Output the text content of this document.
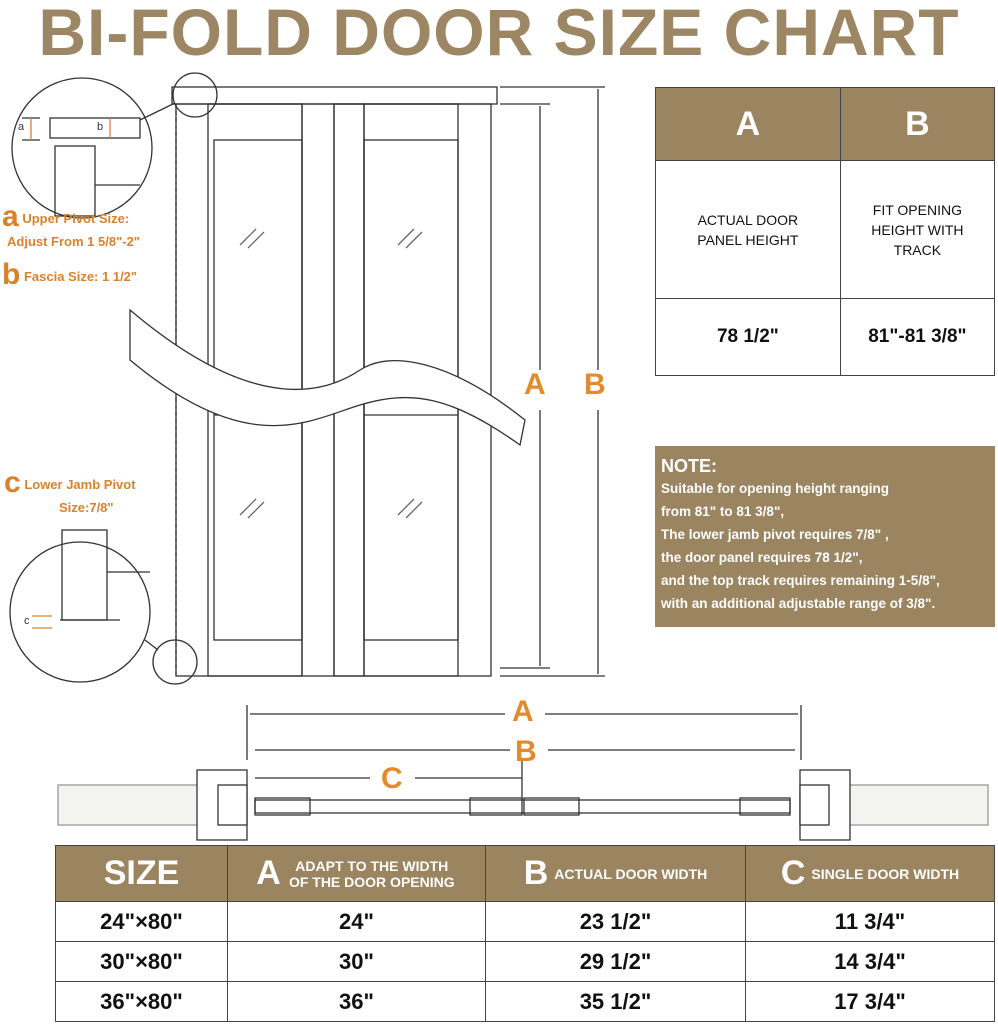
BI-FOLD DOOR SIZE CHART
a Upper Pivot Size:
Adjust From 1 5/8"-2"
b Fascia Size: 1 1/2"
c Lower Jamb Pivot
Size:7/8"
a	b
c
A B
A
B
C
A	B

ACTUAL DOOR PANEL HEIGHT	FIT OPENING HEIGHT WITH TRACK

78 1/2"	81"-81 3/8"
NOTE:
Suitable for opening height ranging
from 81" to 81 3/8",
The lower jamb pivot requires 7/8" ,
the door panel requires 78 1/2",
and the top track requires remaining 1-5/8",
with an additional adjustable range of 3/8".
SIZE	A ADAPT TO THE WIDTH OF THE DOOR OPENING	B ACTUAL DOOR WIDTH	C SINGLE DOOR WIDTH
24"×80"	24"	23 1/2"	11 3/4"
30"×80"	30"	29 1/2"	14 3/4"
36"×80"	36"	35 1/2"	17 3/4"
